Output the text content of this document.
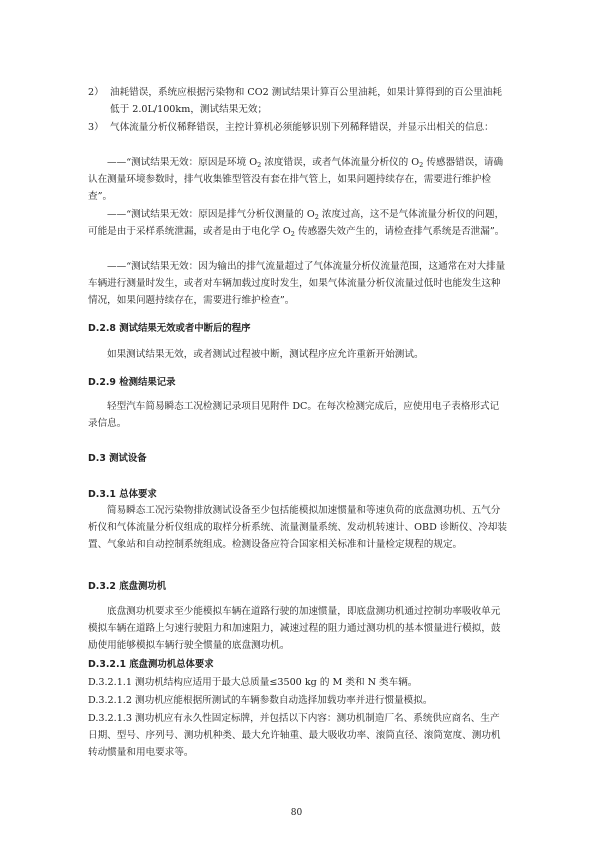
2） 油耗错误，系统应根据污染物和 CO2 测试结果计算百公里油耗，如果计算得到的百公里油耗低于 2.0L/100km，测试结果无效；
3） 气体流量分析仪稀释错误，主控计算机必须能够识别下列稀释错误，并显示出相关的信息：

——“测试结果无效：原因是环境 $O_2$ 浓度错误，或者气体流量分析仪的 $O_2$ 传感器错误，请确认在测量环境参数时，排气收集锥型管没有套在排气管上，如果问题持续存在，需要进行维护检查”。

——“测试结果无效：原因是排气分析仪测量的 $O_2$ 浓度过高，这不是气体流量分析仪的问题，可能是由于采样系统泄漏，或者是由于电化学 $O_2$ 传感器失效产生的，请检查排气系统是否泄漏”。

——“测试结果无效：因为输出的排气流量超过了气体流量分析仪流量范围，这通常在对大排量车辆进行测量时发生，或者对车辆加载过度时发生，如果气体流量分析仪流量过低时也能发生这种情况，如果问题持续存在，需要进行维护检查”。

D.2.8 测试结果无效或者中断后的程序

如果测试结果无效，或者测试过程被中断，测试程序应允许重新开始测试。

D.2.9 检测结果记录

轻型汽车简易瞬态工况检测记录项目见附件 DC。在每次检测完成后，应使用电子表格形式记录信息。

D.3 测试设备
D.3.1 总体要求

简易瞬态工况污染物排放测试设备至少包括能模拟加速惯量和等速负荷的底盘测功机、五气分析仪和气体流量分析仪组成的取样分析系统、流量测量系统、发动机转速计、OBD 诊断仪、冷却装置、气象站和自动控制系统组成。检测设备应符合国家相关标准和计量检定规程的规定。

D.3.2 底盘测功机

底盘测功机要求至少能模拟车辆在道路行驶的加速惯量，即底盘测功机通过控制功率吸收单元模拟车辆在道路上匀速行驶阻力和加速阻力，减速过程的阻力通过测功机的基本惯量进行模拟，鼓励使用能够模拟车辆行驶全惯量的底盘测功机。

D.3.2.1 底盘测功机总体要求

D.3.2.1.1 测功机结构应适用于最大总质量≤3500 kg 的 M 类和 N 类车辆。

D.3.2.1.2 测功机应能根据所测试的车辆参数自动选择加载功率并进行惯量模拟。

D.3.2.1.3 测功机应有永久性固定标牌，并包括以下内容：测功机制造厂名、系统供应商名、生产日期、型号、序列号、测功机种类、最大允许轴重、最大吸收功率、滚筒直径、滚筒宽度、测功机转动惯量和用电要求等。

80
